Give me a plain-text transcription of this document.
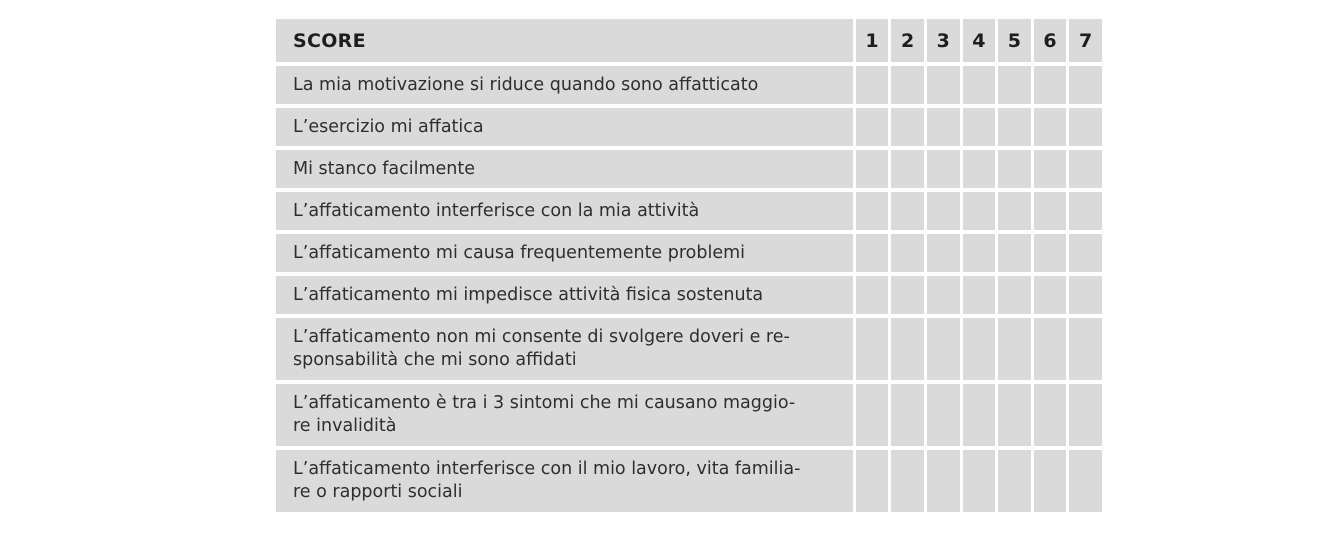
SCORE	1	2	3	4	5	6	7
La mia motivazione si riduce quando sono affatticato							
L’esercizio mi affatica							
Mi stanco facilmente							
L’affaticamento interferisce con la mia attività							
L’affaticamento mi causa frequentemente problemi							
L’affaticamento mi impedisce attività fisica sostenuta							

L’affaticamento non mi consente di svolgere doveri e re-
sponsabilità che mi sono affidati							

L’affaticamento è tra i 3 sintomi che mi causano maggio-
re invalidità							

L’affaticamento interferisce con il mio lavoro, vita familia-
re o rapporti sociali							
